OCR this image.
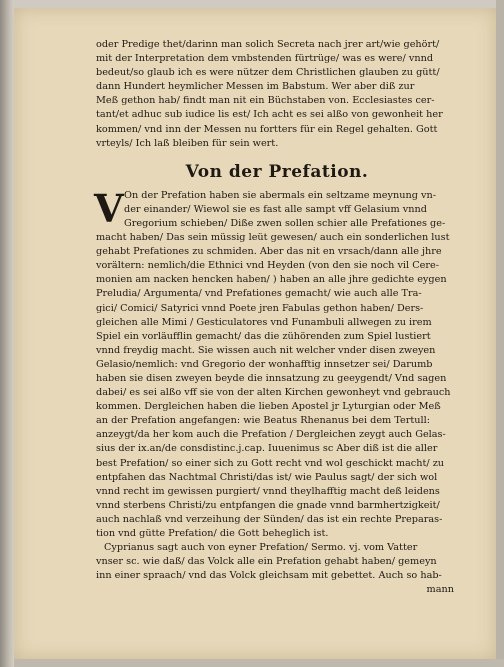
oder Predige thet/darinn man solich Secreta nach jrer art/wie gehört/
mit der Interpretation dem vmbstenden fürtrüge/ was es were/ vnnd
bedeut/so glaub ich es were nützer dem Christlichen glauben zu gütt/
dann Hundert heymlicher Messen im Babstum. Wer aber diß zur
Meß gethon hab/ findt man nit ein Büchstaben von. Ecclesiastes cer-
tant/et adhuc sub iudice lis est/ Ich acht es sei alßo von gewonheit her
kommen/ vnd inn der Messen nu fortters für ein Regel gehalten. Gott
vrteyls/ Ich laß bleiben für sein wert.
Von der Prefation.
V On der Prefation haben sie abermals ein seltzame meynung vn-
der einander/ Wiewol sie es fast alle sampt vff Gelasium vnnd
Gregorium schieben/ Diße zwen sollen schier alle Prefationes ge-
macht haben/ Das sein müssig leüt gewesen/ auch ein sonderlichen lust
gehabt Prefationes zu schmiden. Aber das nit en vrsach/dann alle jhre
vorältern: nemlich/die Ethnici vnd Heyden (von den sie noch vil Cere-
monien am nacken hencken haben/ ) haben an alle jhre gedichte eygen
Preludia/ Argumenta/ vnd Prefationes gemacht/ wie auch alle Tra-
gici/ Comici/ Satyrici vnnd Poete jren Fabulas gethon haben/ Ders-
gleichen alle Mimi / Gesticulatores vnd Funambuli allwegen zu irem
Spiel ein vorläufflin gemacht/ das die zühörenden zum Spiel lustiert
vnnd freydig macht. Sie wissen auch nit welcher vnder disen zweyen
Gelasio/nemlich: vnd Gregorio der wonhafftig innsetzer sei/ Darumb
haben sie disen zweyen beyde die innsatzung zu geeygendt/ Vnd sagen
dabei/ es sei alßo vff sie von der alten Kirchen gewonheyt vnd gebrauch
kommen. Dergleichen haben die lieben Apostel jr Lyturgian oder Meß
an der Prefation angefangen: wie Beatus Rhenanus bei dem Tertull:
anzeygt/da her kom auch die Prefation / Dergleichen zeygt auch Gelas-
sius der ix.an/de consdistinc.j.cap. Iuuenimus sc Aber diß ist die aller
best Prefation/ so einer sich zu Gott recht vnd wol geschickt macht/ zu
entpfahen das Nachtmal Christi/das ist/ wie Paulus sagt/ der sich wol
vnnd recht im gewissen purgiert/ vnnd theylhafftig macht deß leidens
vnnd sterbens Christi/zu entpfangen die gnade vnnd barmhertzigkeit/
auch nachlaß vnd verzeihung der Sünden/ das ist ein rechte Preparas-
tion vnd gütte Prefation/ die Gott beheglich ist.
Cyprianus sagt auch von eyner Prefation/ Sermo. vj. vom Vatter
vnser sc. wie daß/ das Volck alle ein Prefation gehabt haben/ gemeyn
inn einer spraach/ vnd das Volck gleichsam mit gebettet. Auch so hab-
mann
